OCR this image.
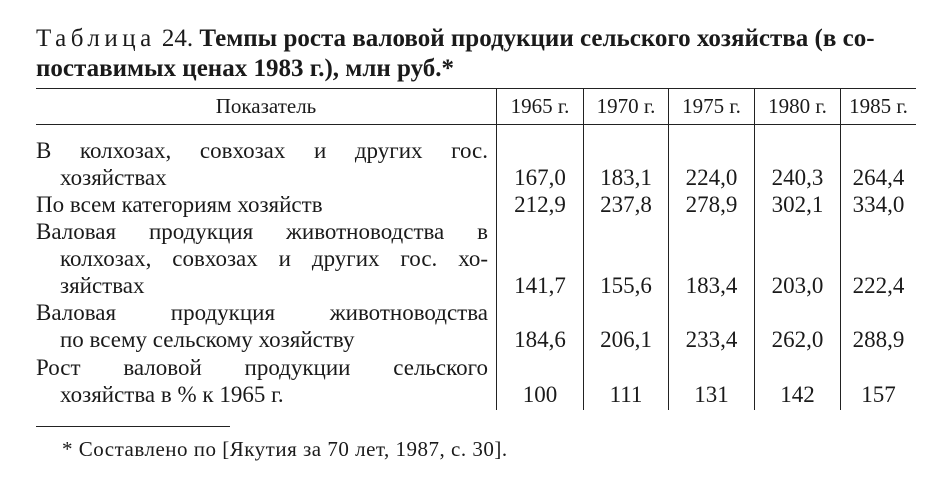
Таблица 24. Темпы роста валовой продукции сельского хозяйства (в со-
поставимых ценах 1983 г.), млн руб.*
Показатель	1965 г.	1970 г.	1975 г.	1980 г.	1985 г.
В колхозах, совхозах и других гос.
хозяйствах	167,0	183,1	224,0	240,3	264,4
По всем категориям хозяйств	212,9	237,8	278,9	302,1	334,0
Валовая продукция животноводства в
колхозах, совхозах и других гос. хо-
зяйствах	141,7	155,6	183,4	203,0	222,4
Валовая продукция животноводства
по всему сельскому хозяйству	184,6	206,1	233,4	262,0	288,9
Рост валовой продукции сельского
хозяйства в % к 1965 г.	100	111	131	142	157
* Составлено по [Якутия за 70 лет, 1987, с. 30].
